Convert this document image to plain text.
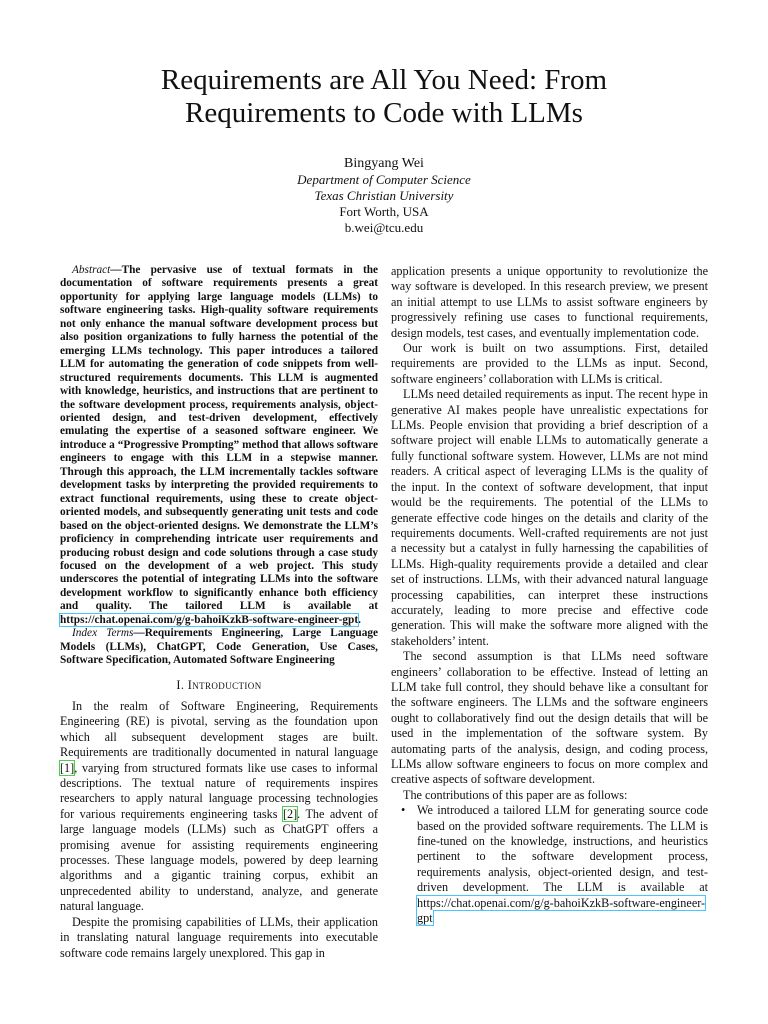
Requirements are All You Need: From
Requirements to Code with LLMs
Bingyang Wei
Department of Computer Science
Texas Christian University
Fort Worth, USA
b.wei@tcu.edu

Abstract—The pervasive use of textual formats in the documentation of software requirements presents a great opportunity for applying large language models (LLMs) to software engineering tasks. High-quality software requirements not only enhance the manual software development process but also position organizations to fully harness the potential of the emerging LLMs technology. This paper introduces a tailored LLM for automating the generation of code snippets from well-structured requirements documents. This LLM is augmented with knowledge, heuristics, and instructions that are pertinent to the software development process, requirements analysis, object-oriented design, and test-driven development, effectively emulating the expertise of a seasoned software engineer. We introduce a “Progressive Prompting” method that allows software engineers to engage with this LLM in a stepwise manner. Through this approach, the LLM incrementally tackles software development tasks by interpreting the provided requirements to extract functional requirements, using these to create object-oriented models, and subsequently generating unit tests and code based on the object-oriented designs. We demonstrate the LLM’s proficiency in comprehending intricate user requirements and producing robust design and code solutions through a case study focused on the development of a web project. This study underscores the potential of integrating LLMs into the software development workflow to significantly enhance both efficiency and quality. The tailored LLM is available at https://chat.openai.com/g/g-bahoiKzkB-software-engineer-gpt.

Index Terms—Requirements Engineering, Large Language Models (LLMs), ChatGPT, Code Generation, Use Cases, Software Specification, Automated Software Engineering

I. Introduction

In the realm of Software Engineering, Requirements Engineering (RE) is pivotal, serving as the foundation upon which all subsequent development stages are built. Requirements are traditionally documented in natural language [1], varying from structured formats like use cases to informal descriptions. The textual nature of requirements inspires researchers to apply natural language processing technologies for various requirements engineering tasks [2]. The advent of large language models (LLMs) such as ChatGPT offers a promising avenue for assisting requirements engineering processes. These language models, powered by deep learning algorithms and a gigantic training corpus, exhibit an unprecedented ability to understand, analyze, and generate natural language.

Despite the promising capabilities of LLMs, their application in translating natural language requirements into executable software code remains largely unexplored. This gap in

application presents a unique opportunity to revolutionize the way software is developed. In this research preview, we present an initial attempt to use LLMs to assist software engineers by progressively refining use cases to functional requirements, design models, test cases, and eventually implementation code.

Our work is built on two assumptions. First, detailed requirements are provided to the LLMs as input. Second, software engineers’ collaboration with LLMs is critical.

LLMs need detailed requirements as input. The recent hype in generative AI makes people have unrealistic expectations for LLMs. People envision that providing a brief description of a software project will enable LLMs to automatically generate a fully functional software system. However, LLMs are not mind readers. A critical aspect of leveraging LLMs is the quality of the input. In the context of software development, that input would be the requirements. The potential of the LLMs to generate effective code hinges on the details and clarity of the requirements documents. Well-crafted requirements are not just a necessity but a catalyst in fully harnessing the capabilities of LLMs. High-quality requirements provide a detailed and clear set of instructions. LLMs, with their advanced natural language processing capabilities, can interpret these instructions accurately, leading to more precise and effective code generation. This will make the software more aligned with the stakeholders’ intent.

The second assumption is that LLMs need software engineers’ collaboration to be effective. Instead of letting an LLM take full control, they should behave like a consultant for the software engineers. The LLMs and the software engineers ought to collaboratively find out the design details that will be used in the implementation of the software system. By automating parts of the analysis, design, and coding process, LLMs allow software engineers to focus on more complex and creative aspects of software development.

The contributions of this paper are as follows:

• We introduced a tailored LLM for generating source code based on the provided software requirements. The LLM is fine-tuned on the knowledge, instructions, and heuristics pertinent to the software development process, requirements analysis, object-oriented design, and test-driven development. The LLM is available at https://chat.openai.com/g/g-bahoiKzkB-software-engineer-gpt
